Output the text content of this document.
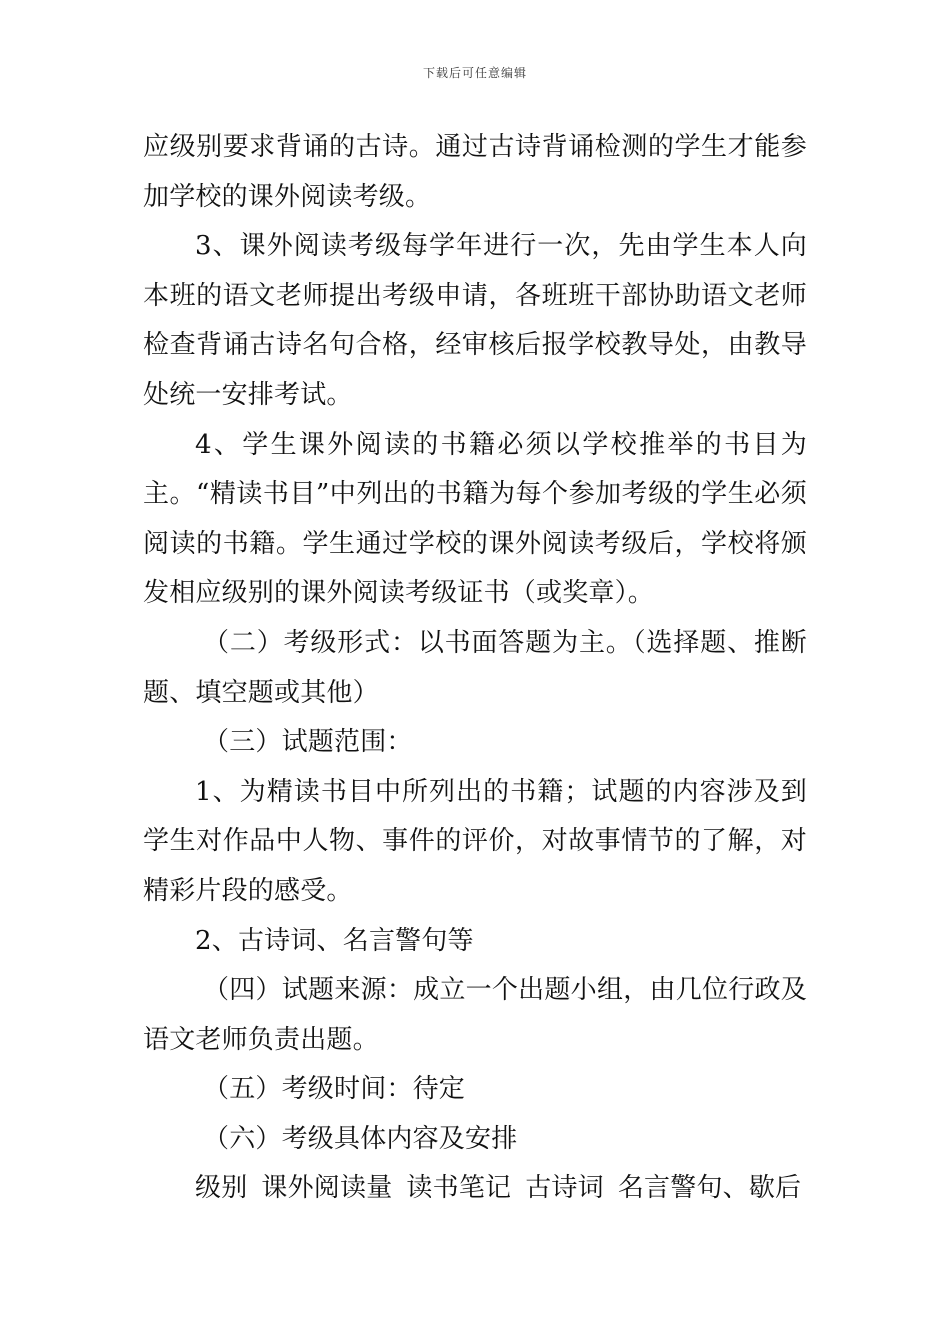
下载后可任意编辑

应级别要求背诵的古诗。通过古诗背诵检测的学生才能参加学校的课外阅读考级。

3、课外阅读考级每学年进行一次，先由学生本人向本班的语文老师提出考级申请，各班班干部协助语文老师检查背诵古诗名句合格，经审核后报学校教导处，由教导处统一安排考试。

4、学生课外阅读的书籍必须以学校推举的书目为主。“精读书目”中列出的书籍为每个参加考级的学生必须阅读的书籍。学生通过学校的课外阅读考级后，学校将颁发相应级别的课外阅读考级证书（或奖章）。

（二）考级形式：以书面答题为主。（选择题、推断题、填空题或其他）

（三）试题范围：

1、为精读书目中所列出的书籍；试题的内容涉及到学生对作品中人物、事件的评价，对故事情节的了解，对精彩片段的感受。

2、古诗词、名言警句等

（四）试题来源：成立一个出题小组，由几位行政及语文老师负责出题。

（五）考级时间：待定

（六）考级具体内容及安排

级别 课外阅读量 读书笔记 古诗词 名言警句、歇后
